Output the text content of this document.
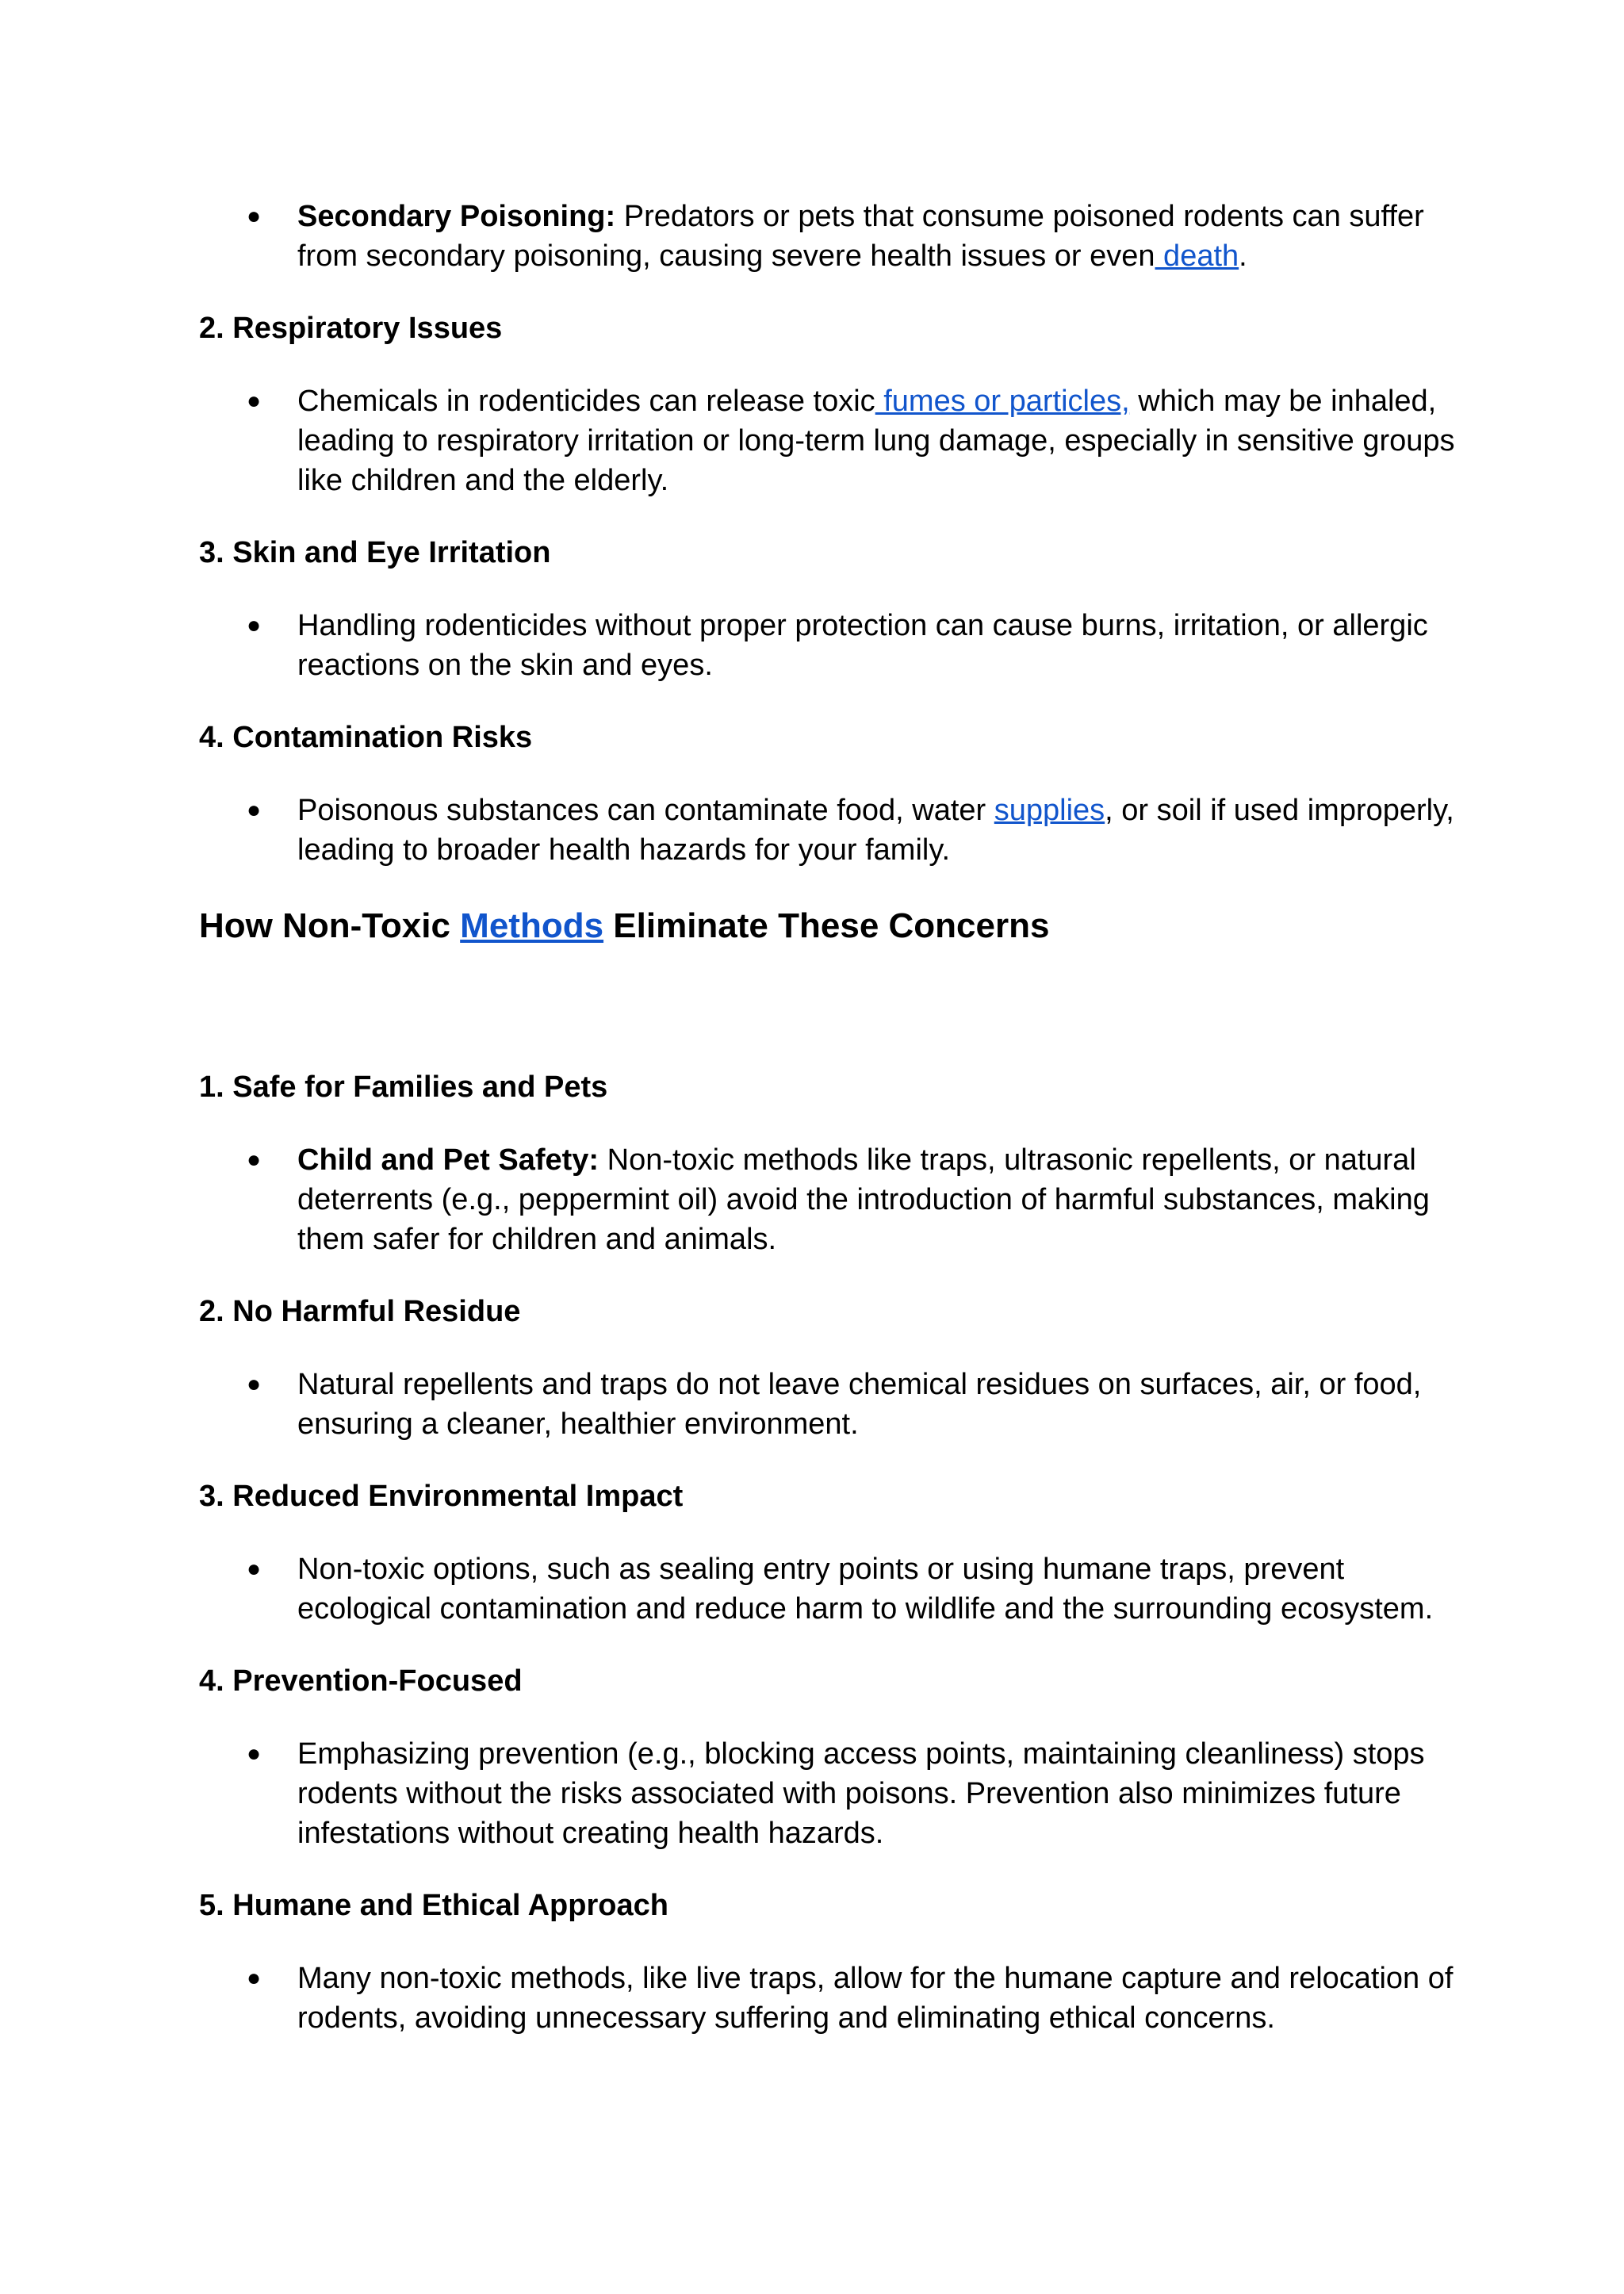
● Secondary Poisoning: Predators or pets that consume poisoned rodents can suffer from secondary poisoning, causing severe health issues or even death.

2. Respiratory Issues

● Chemicals in rodenticides can release toxic fumes or particles, which may be inhaled, leading to respiratory irritation or long-term lung damage, especially in sensitive groups like children and the elderly.

3. Skin and Eye Irritation

● Handling rodenticides without proper protection can cause burns, irritation, or allergic reactions on the skin and eyes.

4. Contamination Risks

● Poisonous substances can contaminate food, water supplies, or soil if used improperly, leading to broader health hazards for your family.

How Non-Toxic Methods Eliminate These Concerns

1. Safe for Families and Pets

● Child and Pet Safety: Non-toxic methods like traps, ultrasonic repellents, or natural deterrents (e.g., peppermint oil) avoid the introduction of harmful substances, making them safer for children and animals.

2. No Harmful Residue

● Natural repellents and traps do not leave chemical residues on surfaces, air, or food, ensuring a cleaner, healthier environment.

3. Reduced Environmental Impact

● Non-toxic options, such as sealing entry points or using humane traps, prevent ecological contamination and reduce harm to wildlife and the surrounding ecosystem.

4. Prevention-Focused

● Emphasizing prevention (e.g., blocking access points, maintaining cleanliness) stops rodents without the risks associated with poisons. Prevention also minimizes future infestations without creating health hazards.

5. Humane and Ethical Approach

● Many non-toxic methods, like live traps, allow for the humane capture and relocation of rodents, avoiding unnecessary suffering and eliminating ethical concerns.
